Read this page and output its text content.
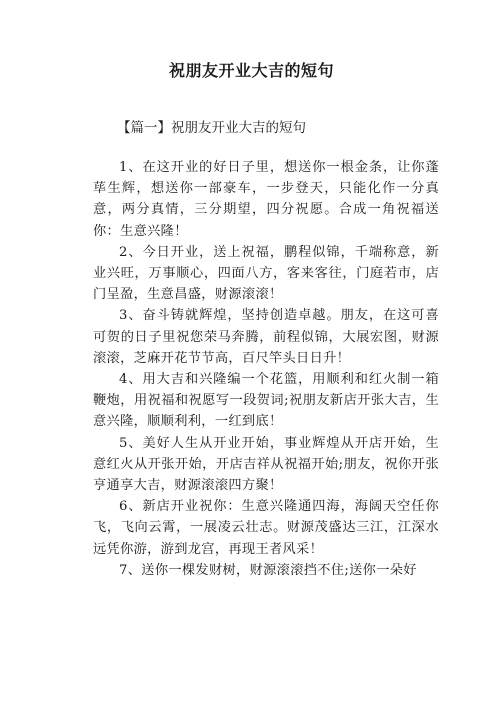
祝朋友开业大吉的短句
【篇一】祝朋友开业大吉的短句

1、在这开业的好日子里，想送你一根金条，让你蓬荜生辉，想送你一部豪车，一步登天，只能化作一分真意，两分真情，三分期望，四分祝愿。合成一角祝福送你：生意兴隆！

2、今日开业，送上祝福，鹏程似锦，千端称意，新业兴旺，万事顺心，四面八方，客来客往，门庭若市，店门呈盈，生意昌盛，财源滚滚！

3、奋斗铸就辉煌，坚持创造卓越。朋友，在这可喜可贺的日子里祝您荣马奔腾，前程似锦，大展宏图，财源滚滚，芝麻开花节节高，百尺竿头日日升！

4、用大吉和兴隆编一个花篮，用顺利和红火制一箱鞭炮，用祝福和祝愿写一段贺词;祝朋友新店开张大吉，生意兴隆，顺顺利利，一红到底！

5、美好人生从开业开始，事业辉煌从开店开始，生意红火从开张开始，开店吉祥从祝福开始;朋友，祝你开张亨通享大吉，财源滚滚四方聚！

6、新店开业祝你：生意兴隆通四海，海阔天空任你飞，飞向云霄，一展凌云壮志。财源茂盛达三江，江深水远凭你游，游到龙宫，再现王者风采！

7、送你一棵发财树，财源滚滚挡不住;送你一朵好
